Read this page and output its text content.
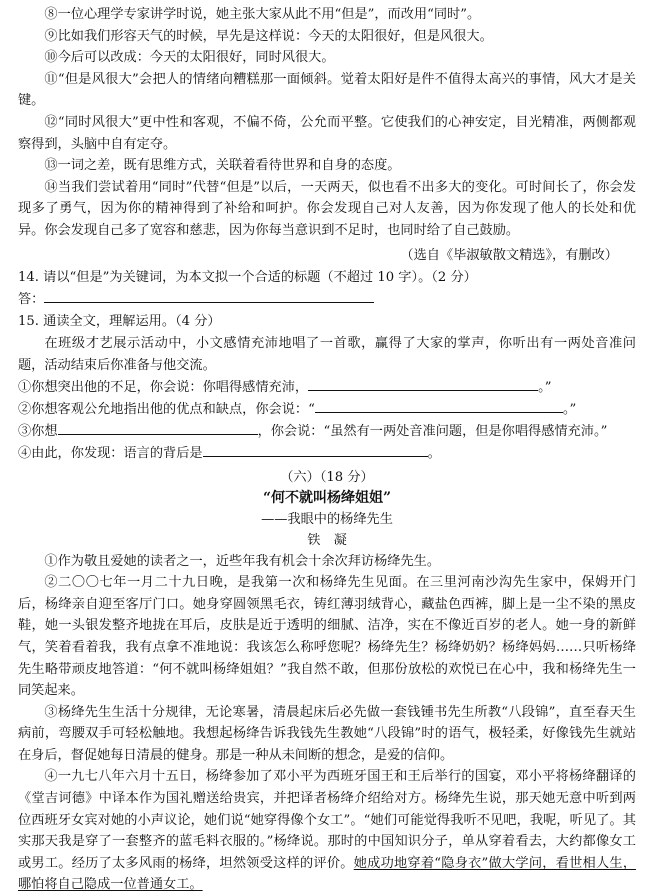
⑧一位心理学专家讲学时说，她主张大家从此不用“但是”，而改用“同时”。

⑨比如我们形容天气的时候，早先是这样说：今天的太阳很好，但是风很大。

⑩今后可以改成：今天的太阳很好，同时风很大。

⑪“但是风很大”会把人的情绪向糟糕那一面倾斜。觉着太阳好是件不值得太高兴的事情，风大才是关键。

⑫“同时风很大”更中性和客观，不偏不倚，公允而平整。它使我们的心神安定，目光精准，两侧都观察得到，头脑中自有定夺。

⑬一词之差，既有思维方式，关联着看待世界和自身的态度。

⑭当我们尝试着用“同时”代替“但是”以后，一天两天，似也看不出多大的变化。可时间长了，你会发现多了勇气，因为你的精神得到了补给和呵护。你会发现自己对人友善，因为你发现了他人的长处和优异。你会发现自己多了宽容和慈悲，因为你每当意识到不足时，也同时给了自己鼓励。

（选自《毕淑敏散文精选》，有删改）

14. 请以“但是”为关键词，为本文拟一个合适的标题（不超过 10 字）。（2 分）

答：

15. 通读全文，理解运用。（4 分）

在班级才艺展示活动中，小文感情充沛地唱了一首歌，赢得了大家的掌声，你听出有一两处音准问题，活动结束后你准备与他交流。

①你想突出他的不足，你会说：你唱得感情充沛，	。”

②你想客观公允地指出他的优点和缺点，你会说：“	。”

③你想	，你会说：“虽然有一两处音准问题，但是你唱得感情充沛。”

④由此，你发现：语言的背后是	。

（六）（18 分）

“何不就叫杨绛姐姐”

——我眼中的杨绛先生

铁　凝

①作为敬且爱她的读者之一，近些年我有机会十余次拜访杨绛先生。

②二〇〇七年一月二十九日晚，是我第一次和杨绛先生见面。在三里河南沙沟先生家中，保姆开门后，杨绛亲自迎至客厅门口。她身穿圆领黑毛衣，铸红薄羽绒背心，藏盐色西裤，脚上是一尘不染的黑皮鞋，她一头银发整齐地拢在耳后，皮肤是近于透明的细腻、洁净，实在不像近百岁的老人。她一身的新鲜气，笑着看着我，我有点拿不准地说：我该怎么称呼您呢？杨绛先生？杨绛奶奶？杨绛妈妈……只听杨绛先生略带顽皮地答道：“何不就叫杨绛姐姐？”我自然不敢，但那份放松的欢悦已在心中，我和杨绛先生一同笑起来。

③杨绛先生生活十分规律，无论寒暑，清晨起床后必先做一套钱锺书先生所教“八段锦”，直至春天生病前，弯腰双手可轻松触地。我想起杨绛告诉我钱先生教她“八段锦”时的语气，极轻柔，好像钱先生就站在身后，督促她每日清晨的健身。那是一种从未间断的想念，是爱的信仰。

④一九七八年六月十五日，杨绛参加了邓小平为西班牙国王和王后举行的国宴，邓小平将杨绛翻译的《堂吉诃德》中译本作为国礼赠送给贵宾，并把译者杨绛介绍给对方。杨绛先生说，那天她无意中听到两位西班牙女宾对她的小声议论，她们说“她穿得像个女工”。“她们可能觉得我听不见吧，我呢，听见了。其实那天我是穿了一套整齐的蓝毛料衣服的。”杨绛说。那时的中国知识分子，单从穿着看去，大约都像女工或男工。经历了太多风雨的杨绛，坦然领受这样的评价。她成功地穿着“隐身衣”做大学问，看世相人生，哪怕将自己隐成一位普通女工。
